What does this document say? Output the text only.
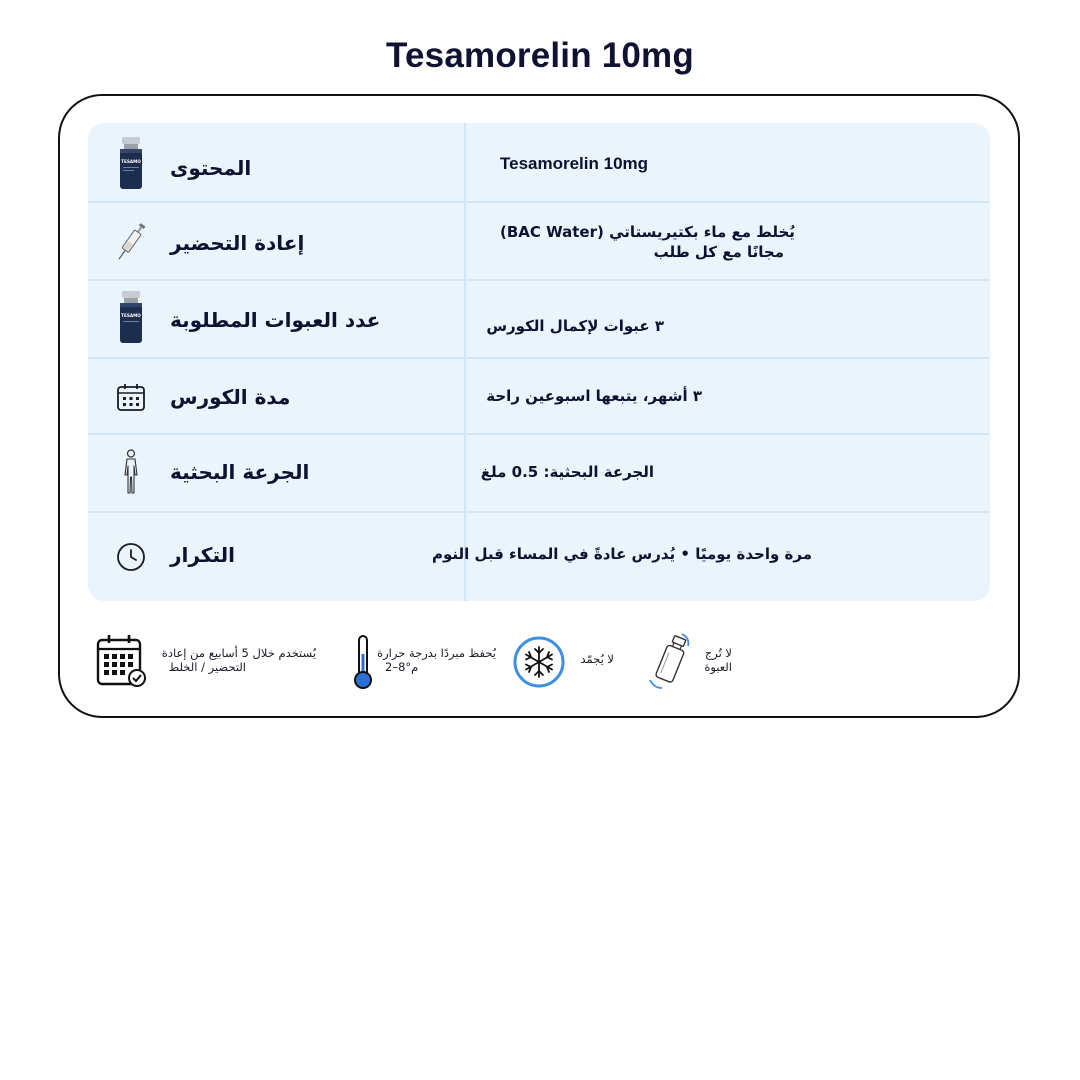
Tesamorelin 10mg
TESAMO المحتوى	Tesamorelin 10mg
إعادة التحضير	(BAC Water) يُخلط مع ماء بكتيريستاتي
مجانًا مع كل طلب
TESAMO عدد العبوات المطلوبة	٣ عبوات لإكمال الكورس
مدة الكورس	٣ أشهر، يتبعها اسبوعين راحة
الجرعة البحثية	الجرعة البحثية: 0.5 ملغ
التكرار	مرة واحدة يوميًا • يُدرس عادةً في المساء قبل النوم
يُستخدم خلال 5 أسابيع من إعادة
التحضير / الخلط
يُحفظ مبردًا بدرجة حرارة
2–8°م
لا يُجمّد	لا تُرج
العبوة
